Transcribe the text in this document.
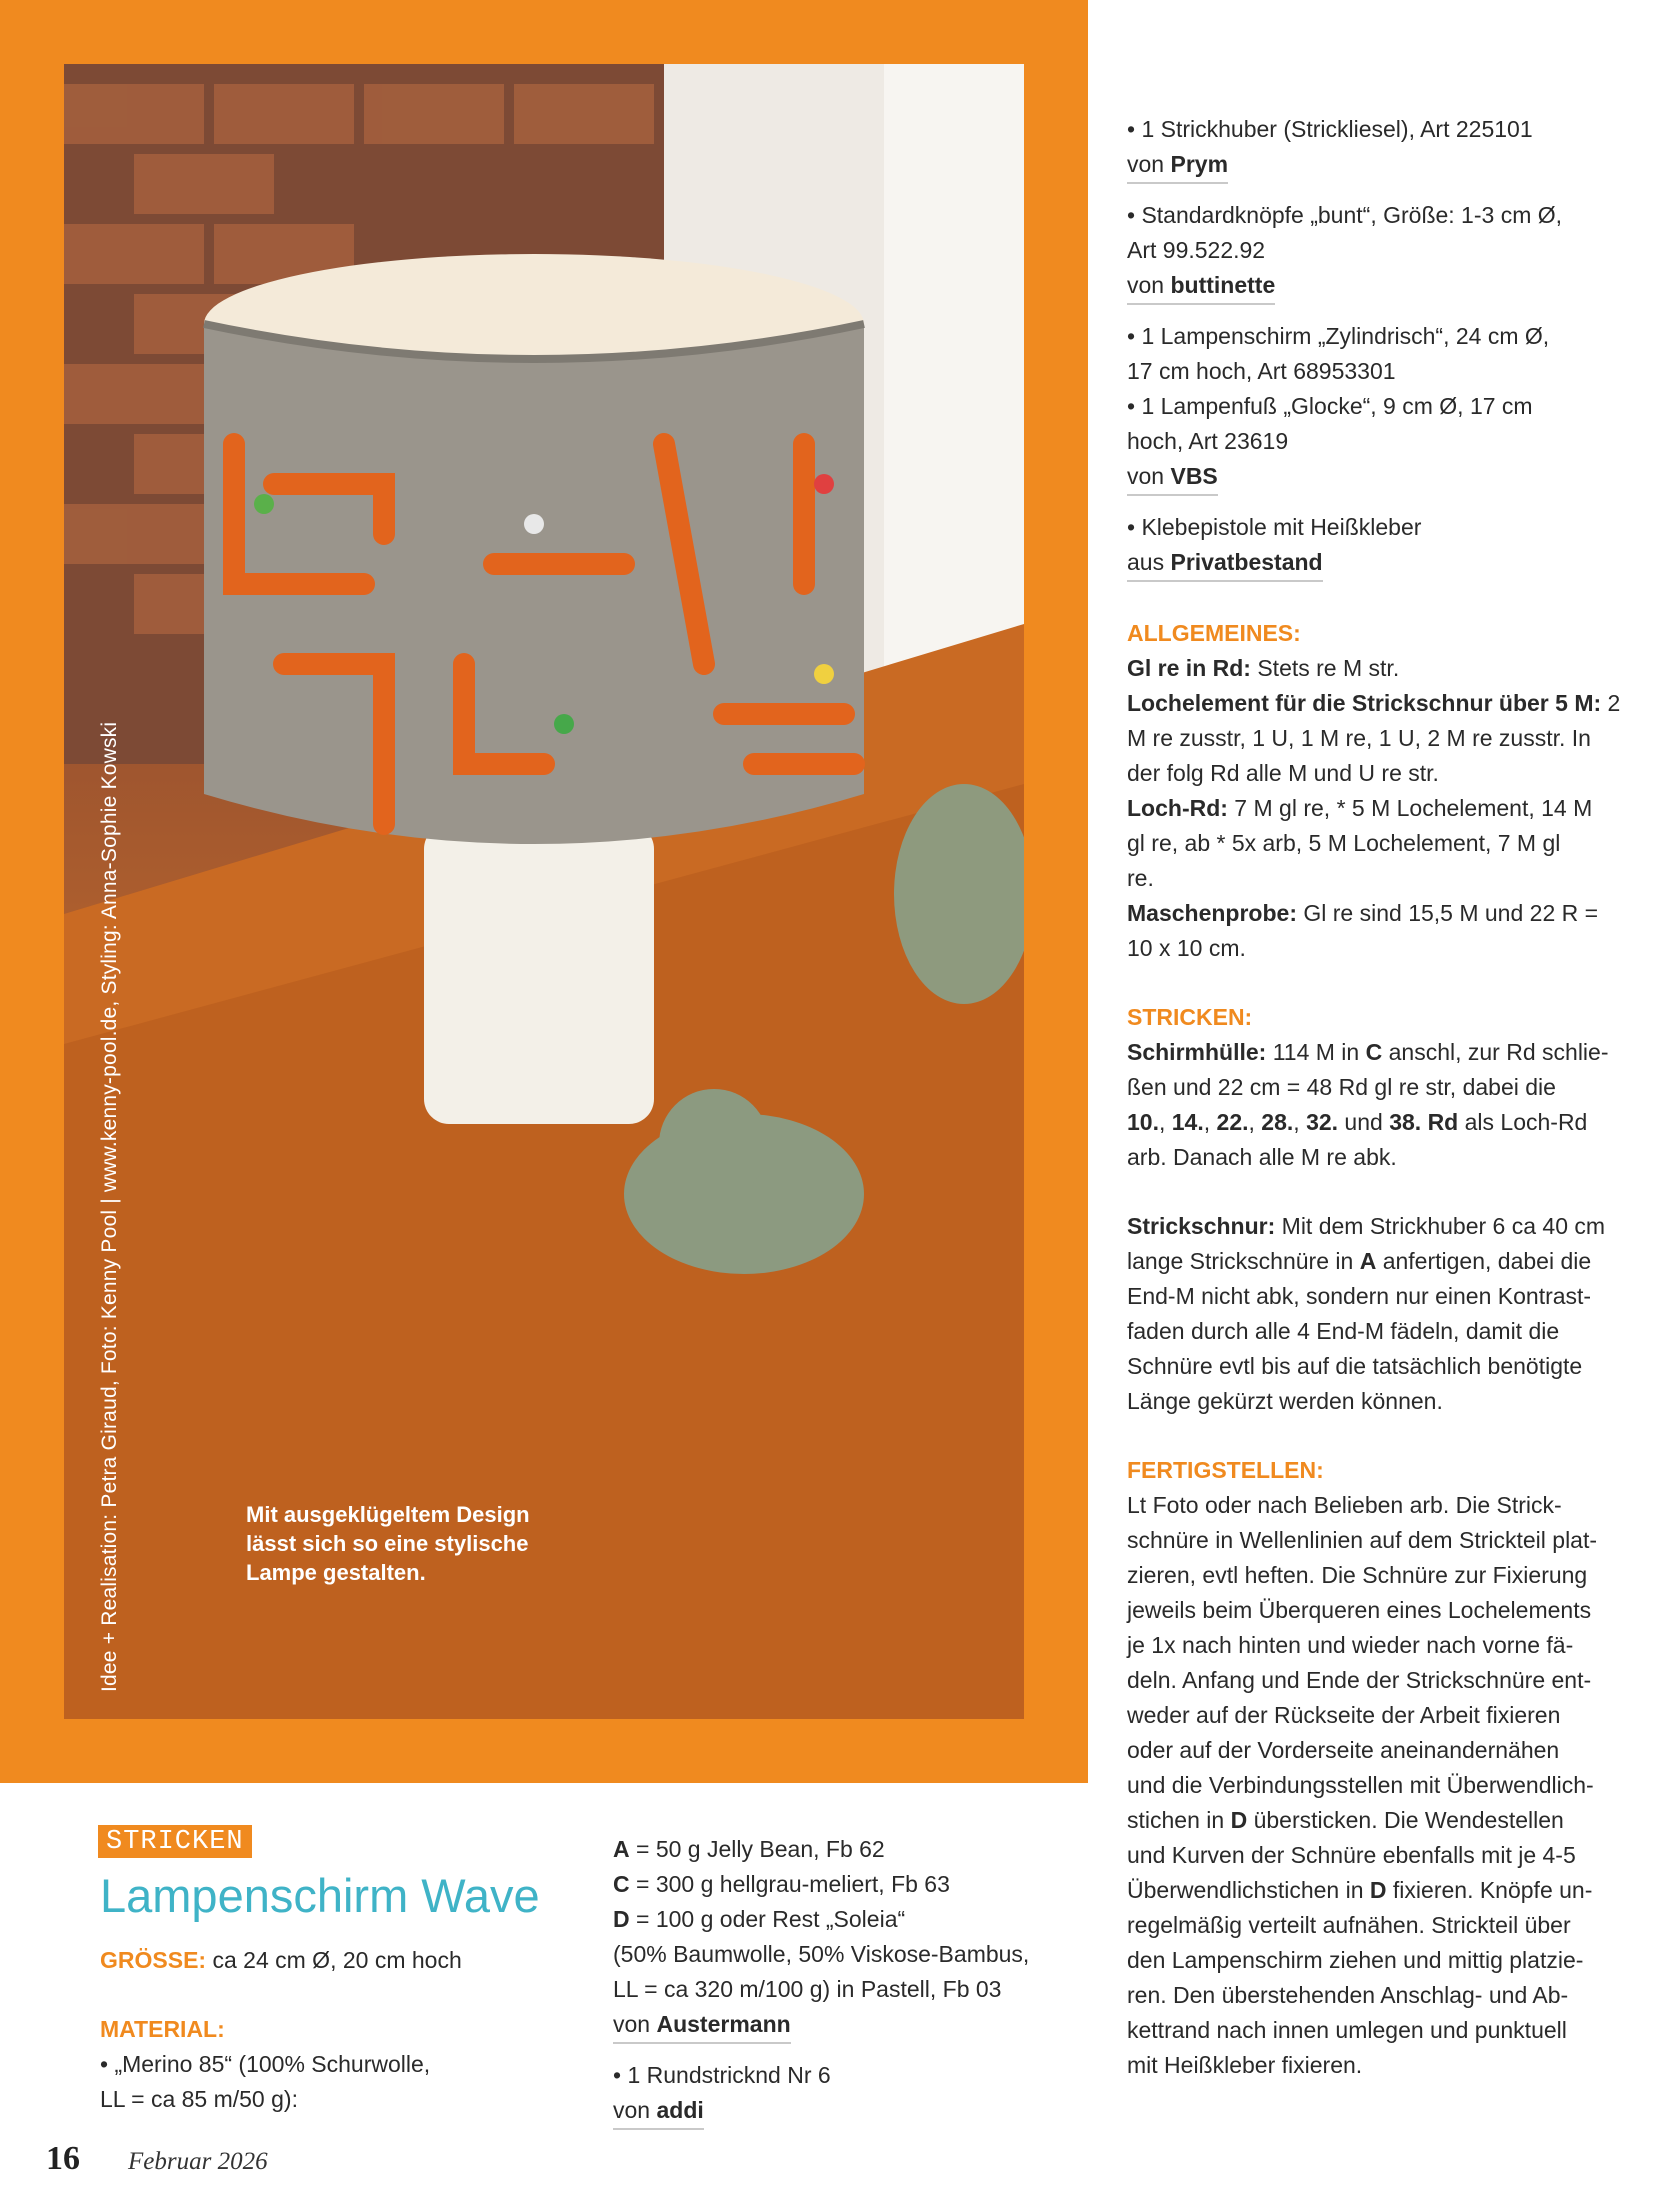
Idee + Realisation: Petra Giraud, Foto: Kenny Pool | www.kenny-pool.de, Styling: Anna-Sophie Kowski	Mit ausgeklügeltem Design
lässt sich so eine stylische
Lampe gestalten.
STRICKEN
Lampenschirm Wave

GRÖSSE: ca 24 cm Ø, 20 cm hoch

MATERIAL:

• „Merino 85“ (100% Schurwolle,

LL = ca 85 m/50 g):

A = 50 g Jelly Bean, Fb 62

C = 300 g hellgrau-meliert, Fb 63

D = 100 g oder Rest „Soleia“

(50% Baumwolle, 50% Viskose-Bambus,

LL = ca 320 m/100 g) in Pastell, Fb 03

von Austermann

• 1 Rundstricknd Nr 6

von addi

• 1 Strickhuber (Strickliesel), Art 225101

von Prym

• Standardknöpfe „bunt“, Größe: 1-3 cm Ø,

Art 99.522.92

von buttinette

• 1 Lampenschirm „Zylindrisch“, 24 cm Ø,

17 cm hoch, Art 68953301

• 1 Lampenfuß „Glocke“, 9 cm Ø, 17 cm

hoch, Art 23619

von VBS

• Klebepistole mit Heißkleber

aus Privatbestand

ALLGEMEINES:

Gl re in Rd: Stets re M str.

Lochelement für die Strickschnur über 5 M: 2

M re zusstr, 1 U, 1 M re, 1 U, 2 M re zusstr. In

der folg Rd alle M und U re str.

Loch-Rd: 7 M gl re, * 5 M Lochelement, 14 M

gl re, ab * 5x arb, 5 M Lochelement, 7 M gl

re.

Maschenprobe: Gl re sind 15,5 M und 22 R =

10 x 10 cm.

STRICKEN:

Schirmhülle: 114 M in C anschl, zur Rd schlie-

ßen und 22 cm = 48 Rd gl re str, dabei die

10., 14., 22., 28., 32. und 38. Rd als Loch-Rd

arb. Danach alle M re abk.

Strickschnur: Mit dem Strickhuber 6 ca 40 cm

lange Strickschnüre in A anfertigen, dabei die

End-M nicht abk, sondern nur einen Kontrast-

faden durch alle 4 End-M fädeln, damit die

Schnüre evtl bis auf die tatsächlich benötigte

Länge gekürzt werden können.

FERTIGSTELLEN:

Lt Foto oder nach Belieben arb. Die Strick-

schnüre in Wellenlinien auf dem Strickteil plat-

zieren, evtl heften. Die Schnüre zur Fixierung

jeweils beim Überqueren eines Lochelements

je 1x nach hinten und wieder nach vorne fä-

deln. Anfang und Ende der Strickschnüre ent-

weder auf der Rückseite der Arbeit fixieren

oder auf der Vorderseite aneinandernähen

und die Verbindungsstellen mit Überwendlich-

stichen in D übersticken. Die Wendestellen

und Kurven der Schnüre ebenfalls mit je 4-5

Überwendlichstichen in D fixieren. Knöpfe un-

regelmäßig verteilt aufnähen. Strickteil über

den Lampenschirm ziehen und mittig platzie-

ren. Den überstehenden Anschlag- und Ab-

kettrand nach innen umlegen und punktuell

mit Heißkleber fixieren.

16 Februar 2026
